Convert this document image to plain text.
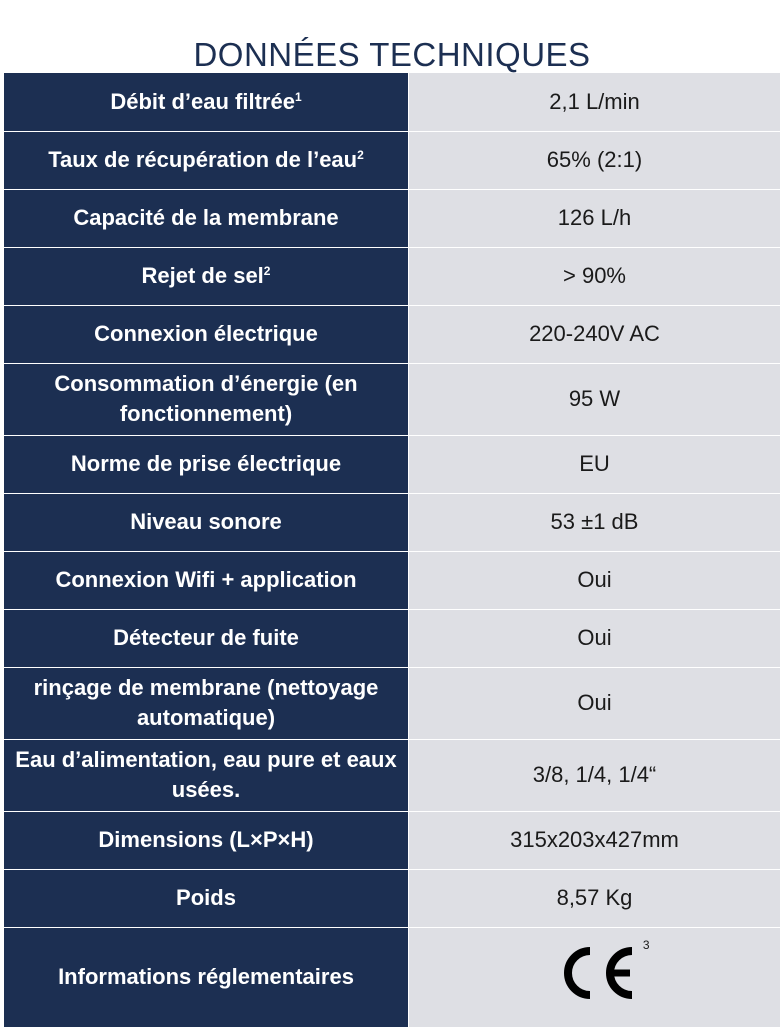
DONNÉES TECHNIQUES
Débit d’eau filtrée$^1$	2,1 L/min
Taux de récupération de l’eau$^2$	65% (2:1)
Capacité de la membrane	126 L/h
Rejet de sel$^2$	> 90%
Connexion électrique	220-240V AC
Consommation d’énergie (en fonctionnement)	95 W
Norme de prise électrique	EU
Niveau sonore	53 ±1 dB
Connexion Wifi + application	Oui
Détecteur de fuite	Oui
rinçage de membrane (nettoyage automatique)	Oui
Eau d’alimentation, eau pure et eaux usées.	3/8, 1/4, 1/4“
Dimensions (L×P×H)	315x203x427mm
Poids	8,57 Kg
Informations réglementaires	3
